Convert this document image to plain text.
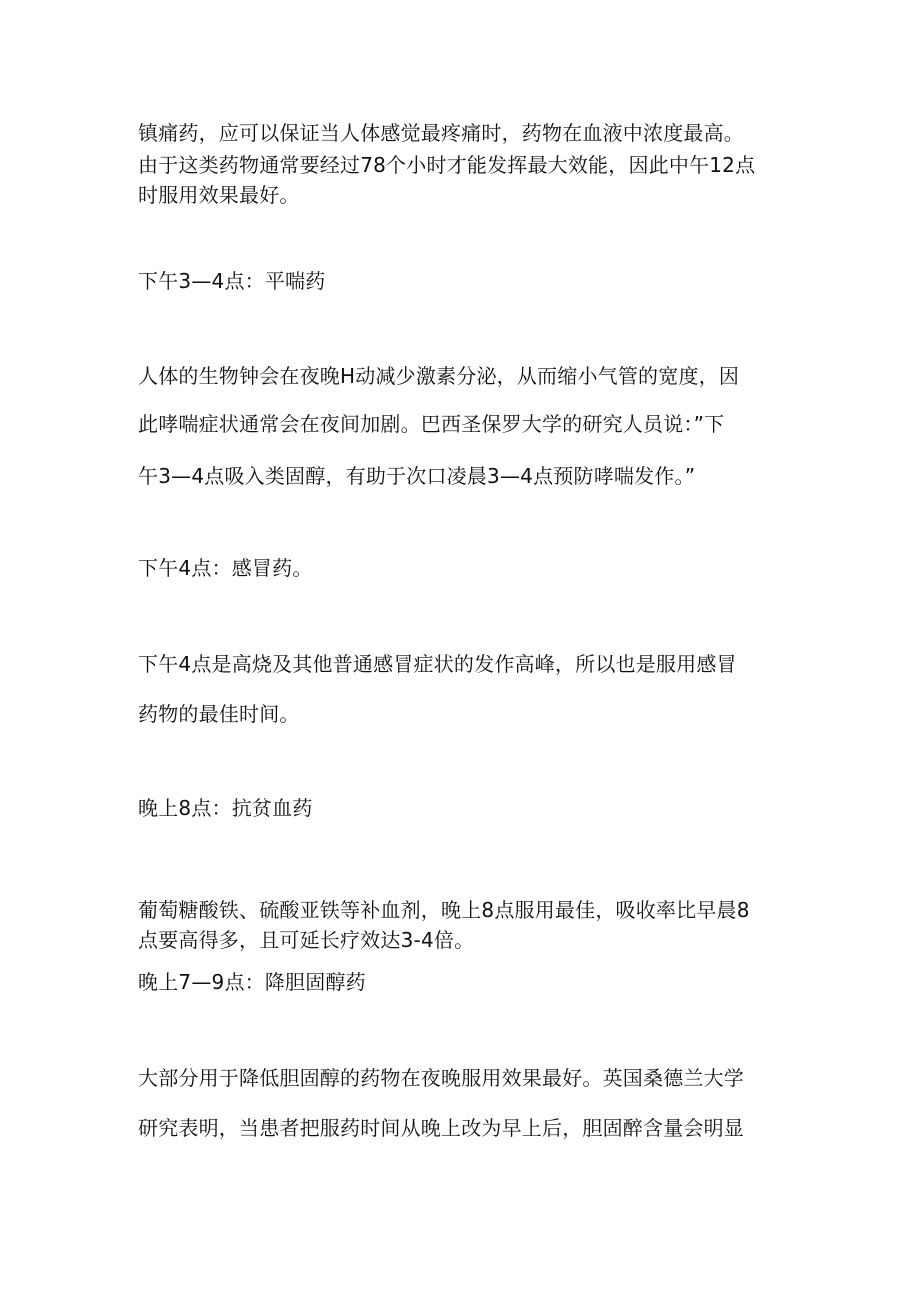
镇痛药，应可以保证当人体感觉最疼痛时，药物在血液中浓度最高。
由于这类药物通常要经过78个小时才能发挥最大效能，因此中午12点
时服用效果最好。
下午3—4点：平喘药
人体的生物钟会在夜晚H动减少激素分泌，从而缩小气管的宽度，因
此哮喘症状通常会在夜间加剧。巴西圣保罗大学的研究人员说：”下
午3—4点吸入类固醇，有助于次口凌晨3—4点预防哮喘发作。”
下午4点：感冒药。
下午4点是高烧及其他普通感冒症状的发作高峰，所以也是服用感冒
药物的最佳时间。
晚上8点：抗贫血药
葡萄糖酸铁、硫酸亚铁等补血剂，晚上8点服用最佳，吸收率比早晨8
点要高得多，且可延长疗效达3-4倍。
晚上7—9点：降胆固醇药
大部分用于降低胆固醇的药物在夜晚服用效果最好。英国桑德兰大学
研究表明，当患者把服药时间从晚上改为早上后，胆固醉含量会明显
